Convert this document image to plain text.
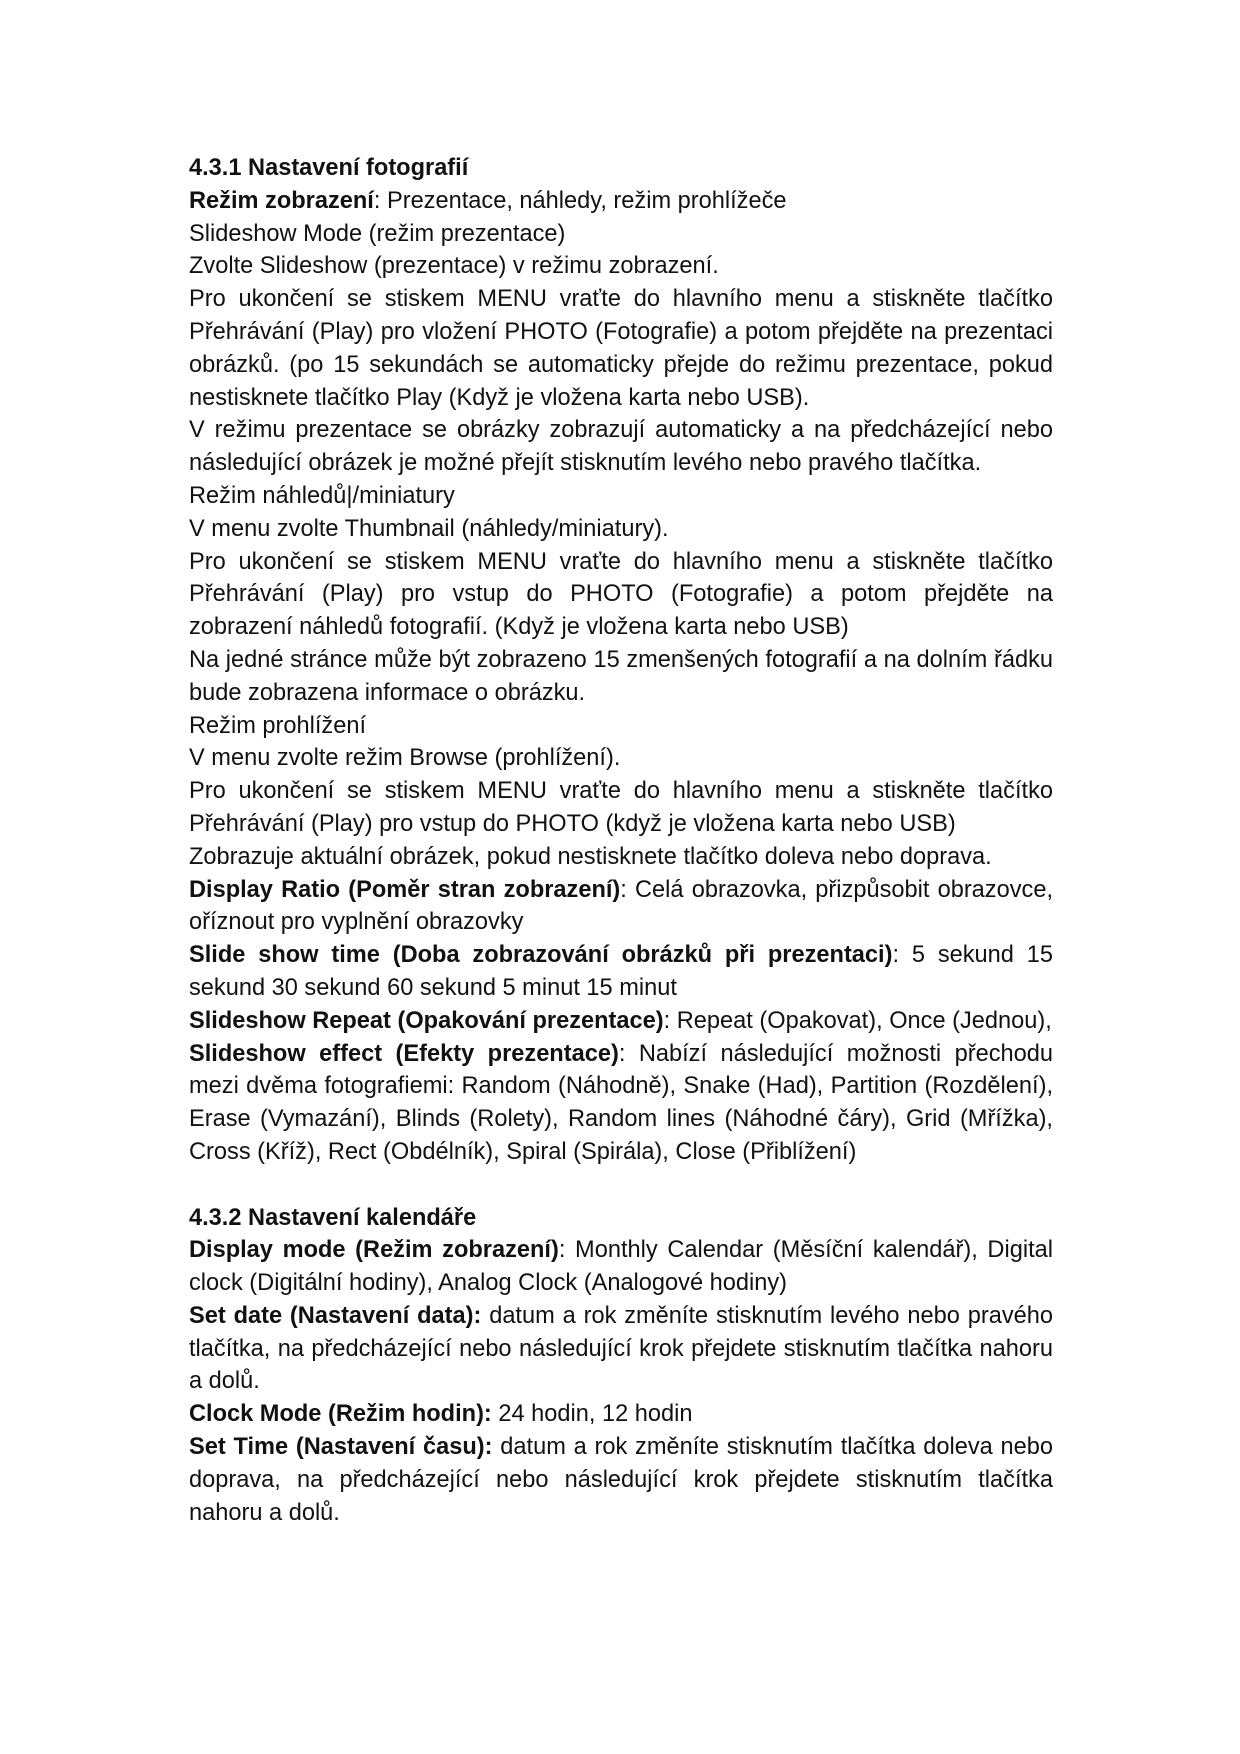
4.3.1 Nastavení fotografií

Režim zobrazení: Prezentace, náhledy, režim prohlížeče

Slideshow Mode (režim prezentace)

Zvolte Slideshow (prezentace) v režimu zobrazení.

Pro ukončení se stiskem MENU vraťte do hlavního menu a stiskněte tlačítko Přehrávání (Play) pro vložení PHOTO (Fotografie) a potom přejděte na prezentaci obrázků. (po 15 sekundách se automaticky přejde do režimu prezentace, pokud nestisknete tlačítko Play (Když je vložena karta nebo USB).

V režimu prezentace se obrázky zobrazují automaticky a na předcházející nebo následující obrázek je možné přejít stisknutím levého nebo pravého tlačítka.

Režim náhledů|/miniatury

V menu zvolte Thumbnail (náhledy/miniatury).

Pro ukončení se stiskem MENU vraťte do hlavního menu a stiskněte tlačítko Přehrávání (Play) pro vstup do PHOTO (Fotografie) a potom přejděte na zobrazení náhledů fotografií. (Když je vložena karta nebo USB)

Na jedné stránce může být zobrazeno 15 zmenšených fotografií a na dolním řádku bude zobrazena informace o obrázku.

Režim prohlížení

V menu zvolte režim Browse (prohlížení).

Pro ukončení se stiskem MENU vraťte do hlavního menu a stiskněte tlačítko Přehrávání (Play) pro vstup do PHOTO (když je vložena karta nebo USB)

Zobrazuje aktuální obrázek, pokud nestisknete tlačítko doleva nebo doprava.

Display Ratio (Poměr stran zobrazení): Celá obrazovka, přizpůsobit obrazovce, oříznout pro vyplnění obrazovky

Slide show time (Doba zobrazování obrázků při prezentaci): 5 sekund 15 sekund 30 sekund 60 sekund 5 minut 15 minut

Slideshow Repeat (Opakování prezentace): Repeat (Opakovat), Once (Jednou),

Slideshow effect (Efekty prezentace): Nabízí následující možnosti přechodu mezi dvěma fotografiemi: Random (Náhodně), Snake (Had), Partition (Rozdělení), Erase (Vymazání), Blinds (Rolety), Random lines (Náhodné čáry), Grid (Mřížka), Cross (Kříž), Rect (Obdélník), Spiral (Spirála), Close (Přiblížení)

4.3.2 Nastavení kalendáře

Display mode (Režim zobrazení): Monthly Calendar (Měsíční kalendář), Digital clock (Digitální hodiny), Analog Clock (Analogové hodiny)

Set date (Nastavení data): datum a rok změníte stisknutím levého nebo pravého tlačítka, na předcházející nebo následující krok přejdete stisknutím tlačítka nahoru a dolů.

Clock Mode (Režim hodin): 24 hodin, 12 hodin

Set Time (Nastavení času): datum a rok změníte stisknutím tlačítka doleva nebo doprava, na předcházející nebo následující krok přejdete stisknutím tlačítka nahoru a dolů.
